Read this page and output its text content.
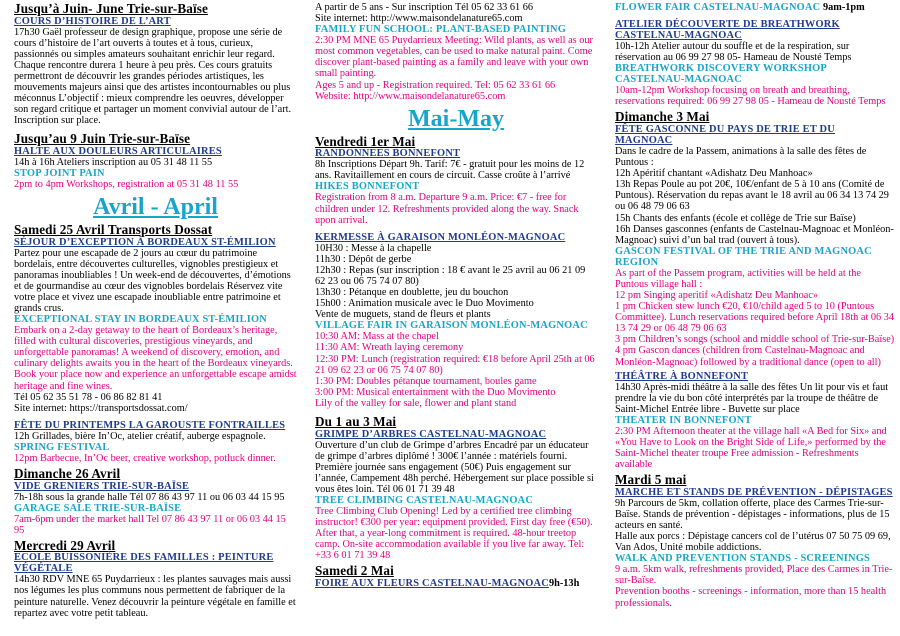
Jusqu’à Juin- June Trie-sur-Baïse
COURS D’HISTOIRE DE L’ART
17h30 Gaël professeur de design graphique, propose une série de cours d’histoire de l’art ouverts à toutes et à tous, curieux, passionnés ou simples amateurs souhaitant enrichir leur regard. Chaque rencontre durera 1 heure à peu près. Ces cours gratuits permettront de découvrir les grandes périodes artistiques, les mouvements majeurs ainsi que des artistes incontournables ou plus méconnus L’objectif : mieux comprendre les oeuvres, développer son regard critique et partager un moment convivial autour de l’art. Inscription sur place.
Jusqu’au 9 Juin Trie-sur-Baïse
HALTE AUX DOULEURS ARTICULAIRES
14h à 16h Ateliers inscription au 05 31 48 11 55
STOP JOINT PAIN
2pm to 4pm Workshops, registration at 05 31 48 11 55
Avril - April
Samedi 25 Avril Transports Dossat
SÉJOUR D’EXCEPTION À BORDEAUX ST-ÉMILION
Partez pour une escapade de 2 jours au cœur du patrimoine bordelais, entre découvertes culturelles, vignobles prestigieux et panoramas inoubliables ! Un week-end de découvertes, d’émotions et de gourmandise au cœur des vignobles bordelais Réservez vite votre place et vivez une escapade inoubliable entre patrimoine et grands crus.
EXCEPTIONAL STAY IN BORDEAUX ST-ÉMILION
Embark on a 2-day getaway to the heart of Bordeaux’s heritage, filled with cultural discoveries, prestigious vineyards, and unforgettable panoramas! A weekend of discovery, emotion, and culinary delights awaits you in the heart of the Bordeaux vineyards. Book your place now and experience an unforgettable escape amidst heritage and fine wines.
Tél 05 62 35 51 78 - 06 86 82 81 41
Site internet: https://transportsdossat.com/
FÊTE DU PRINTEMPS LA GAROUSTE FONTRAILLES
12h Grillades, bière In’Oc, atelier créatif, auberge espagnole.
SPRING FESTIVAL
12pm Barbecue, In’Oc beer, creative workshop, potluck dinner.
Dimanche 26 Avril
VIDE GRENIERS TRIE-SUR-BAÏSE
7h-18h sous la grande halle Tél 07 86 43 97 11 ou 06 03 44 15 95
GARAGE SALE TRIE-SUR-BAÏSE
7am-6pm under the market hall Tel 07 86 43 97 11 or 06 03 44 15 95
Mercredi 29 Avril
ECOLE BUISSONIÈRE DES FAMILLES : PEINTURE VÉGÉTALE
14h30 RDV MNE 65 Puydarrieux : les plantes sauvages mais aussi nos légumes les plus communs nous permettent de fabriquer de la peinture naturelle. Venez découvrir la peinture végétale en famille et repartez avec votre petit tableau.
A partir de 5 ans - Sur inscription Tél 05 62 33 61 66
Site internet: http://www.maisondelanature65.com
FAMILY FUN SCHOOL: PLANT-BASED PAINTING
2:30 PM MNE 65 Puydarrieux Meeting: Wild plants, as well as our most common vegetables, can be used to make natural paint. Come discover plant-based painting as a family and leave with your own small painting.
Ages 5 and up - Registration required. Tel: 05 62 33 61 66
Website: http://www.maisondelanature65.com
Mai-May
Vendredi 1er Mai
RANDONNEES BONNEFONT
8h Inscriptions Départ 9h. Tarif: 7€ - gratuit pour les moins de 12 ans. Ravitaillement en cours de circuit. Casse croûte à l’arrivé
HIKES BONNEFONT
Registration from 8 a.m. Departure 9 a.m. Price: €7 - free for children under 12. Refreshments provided along the way. Snack upon arrival.
KERMESSE À GARAISON MONLÉON-MAGNOAC
10H30 : Messe à la chapelle
11h30 : Dépôt de gerbe
12h30 : Repas (sur inscription : 18 € avant le 25 avril au 06 21 09 62 23 ou 06 75 74 07 80)
13h30 : Pétanque en doublette, jeu du bouchon
15h00 : Animation musicale avec le Duo Movimento
Vente de muguets, stand de fleurs et plants
VILLAGE FAIR IN GARAISON MONLÉON-MAGNOAC
10:30 AM: Mass at the chapel
11:30 AM: Wreath laying ceremony
12:30 PM: Lunch (registration required: €18 before April 25th at 06 21 09 62 23 or 06 75 74 07 80)
1:30 PM: Doubles pétanque tournament, boules game
3:00 PM: Musical entertainment with the Duo Movimento
Lily of the valley for sale, flower and plant stand
Du 1 au 3 Mai
GRIMPE D’ARBRES CASTELNAU-MAGNOAC
Ouverture d’un club de Grimpe d’arbres Encadré par un éducateur de grimpe d’arbres diplômé ! 300€ l’année : matériels fourni. Première journée sans engagement (50€) Puis engagement sur l’année, Campement 48h perché. Hébergement sur place possible si vous êtes loin. Tél 06 01 71 39 48
TREE CLIMBING CASTELNAU-MAGNOAC
Tree Climbing Club Opening! Led by a certified tree climbing instructor! €300 per year: equipment provided. First day free (€50). After that, a year-long commitment is required. 48-hour treetop camp. On-site accommodation available if you live far away. Tel: +33 6 01 71 39 48
Samedi 2 Mai
FOIRE AUX FLEURS CASTELNAU-MAGNOAC9h-13h
FLOWER FAIR CASTELNAU-MAGNOAC 9am-1pm
ATELIER DÉCOUVERTE DE BREATHWORK CASTELNAU-MAGNOAC
10h-12h Atelier autour du souffle et de la respiration, sur réservation au 06 99 27 98 05- Hameau de Nousté Temps
BREATHWORK DISCOVERY WORKSHOP CASTELNAU-MAGNOAC
10am-12pm Workshop focusing on breath and breathing, reservations required: 06 99 27 98 05 - Hameau de Nousté Temps
Dimanche 3 Mai
FÊTE GASCONNE DU PAYS DE TRIE ET DU MAGNOAC
Dans le cadre de la Passem, animations à la salle des fêtes de Puntous :
12h Apéritif chantant «Adishatz Deu Manhoac»
13h Repas Poule au pot 20€, 10€/enfant de 5 à 10 ans (Comité de Puntous). Réservation du repas avant le 18 avril au 06 34 13 74 29 ou 06 48 79 06 63
15h Chants des enfants (école et collège de Trie sur Baïse)
16h Danses gasconnes (enfants de Castelnau-Magnoac et Monléon-Magnoac) suivi d’un bal trad (ouvert à tous).
GASCON FESTIVAL OF THE TRIE AND MAGNOAC REGION
As part of the Passem program, activities will be held at the Puntous village hall :
12 pm Singing aperitif «Adishatz Deu Manhoac»
1 pm Chicken stew lunch €20, €10/child aged 5 to 10 (Puntous Committee). Lunch reservations required before April 18th at 06 34 13 74 29 or 06 48 79 06 63
3 pm Children’s songs (school and middle school of Trie-sur-Baïse)
4 pm Gascon dances (children from Castelnau-Magnoac and Monléon-Magnoac) followed by a traditional dance (open to all)
THÉÂTRE À BONNEFONT
14h30 Après-midi théâtre à la salle des fêtes Un lit pour vis et faut prendre la vie du bon côté interprétés par la troupe de théâtre de Saint-Michel Entrée libre - Buvette sur place
THEATER IN BONNEFONT
2:30 PM Afternoon theater at the village hall «A Bed for Six» and «You Have to Look on the Bright Side of Life,» performed by the Saint-Michel theater troupe Free admission - Refreshments available
Mardi 5 mai
MARCHE ET STANDS DE PRÉVENTION - DÉPISTAGES
9h Parcours de 5km, collation offerte, place des Carmes Trie-sur-Baïse. Stands de prévention - dépistages - informations, plus de 15 acteurs en santé.
Halle aux porcs : Dépistage cancers col de l’utérus 07 50 75 09 69, Van Ados, Unité mobile addictions.
WALK AND PREVENTION STANDS - SCREENINGS
9 a.m. 5km walk, refreshments provided, Place des Carmes in Trie-sur-Baïse.
Prevention booths - screenings - information, more than 15 health professionals.
